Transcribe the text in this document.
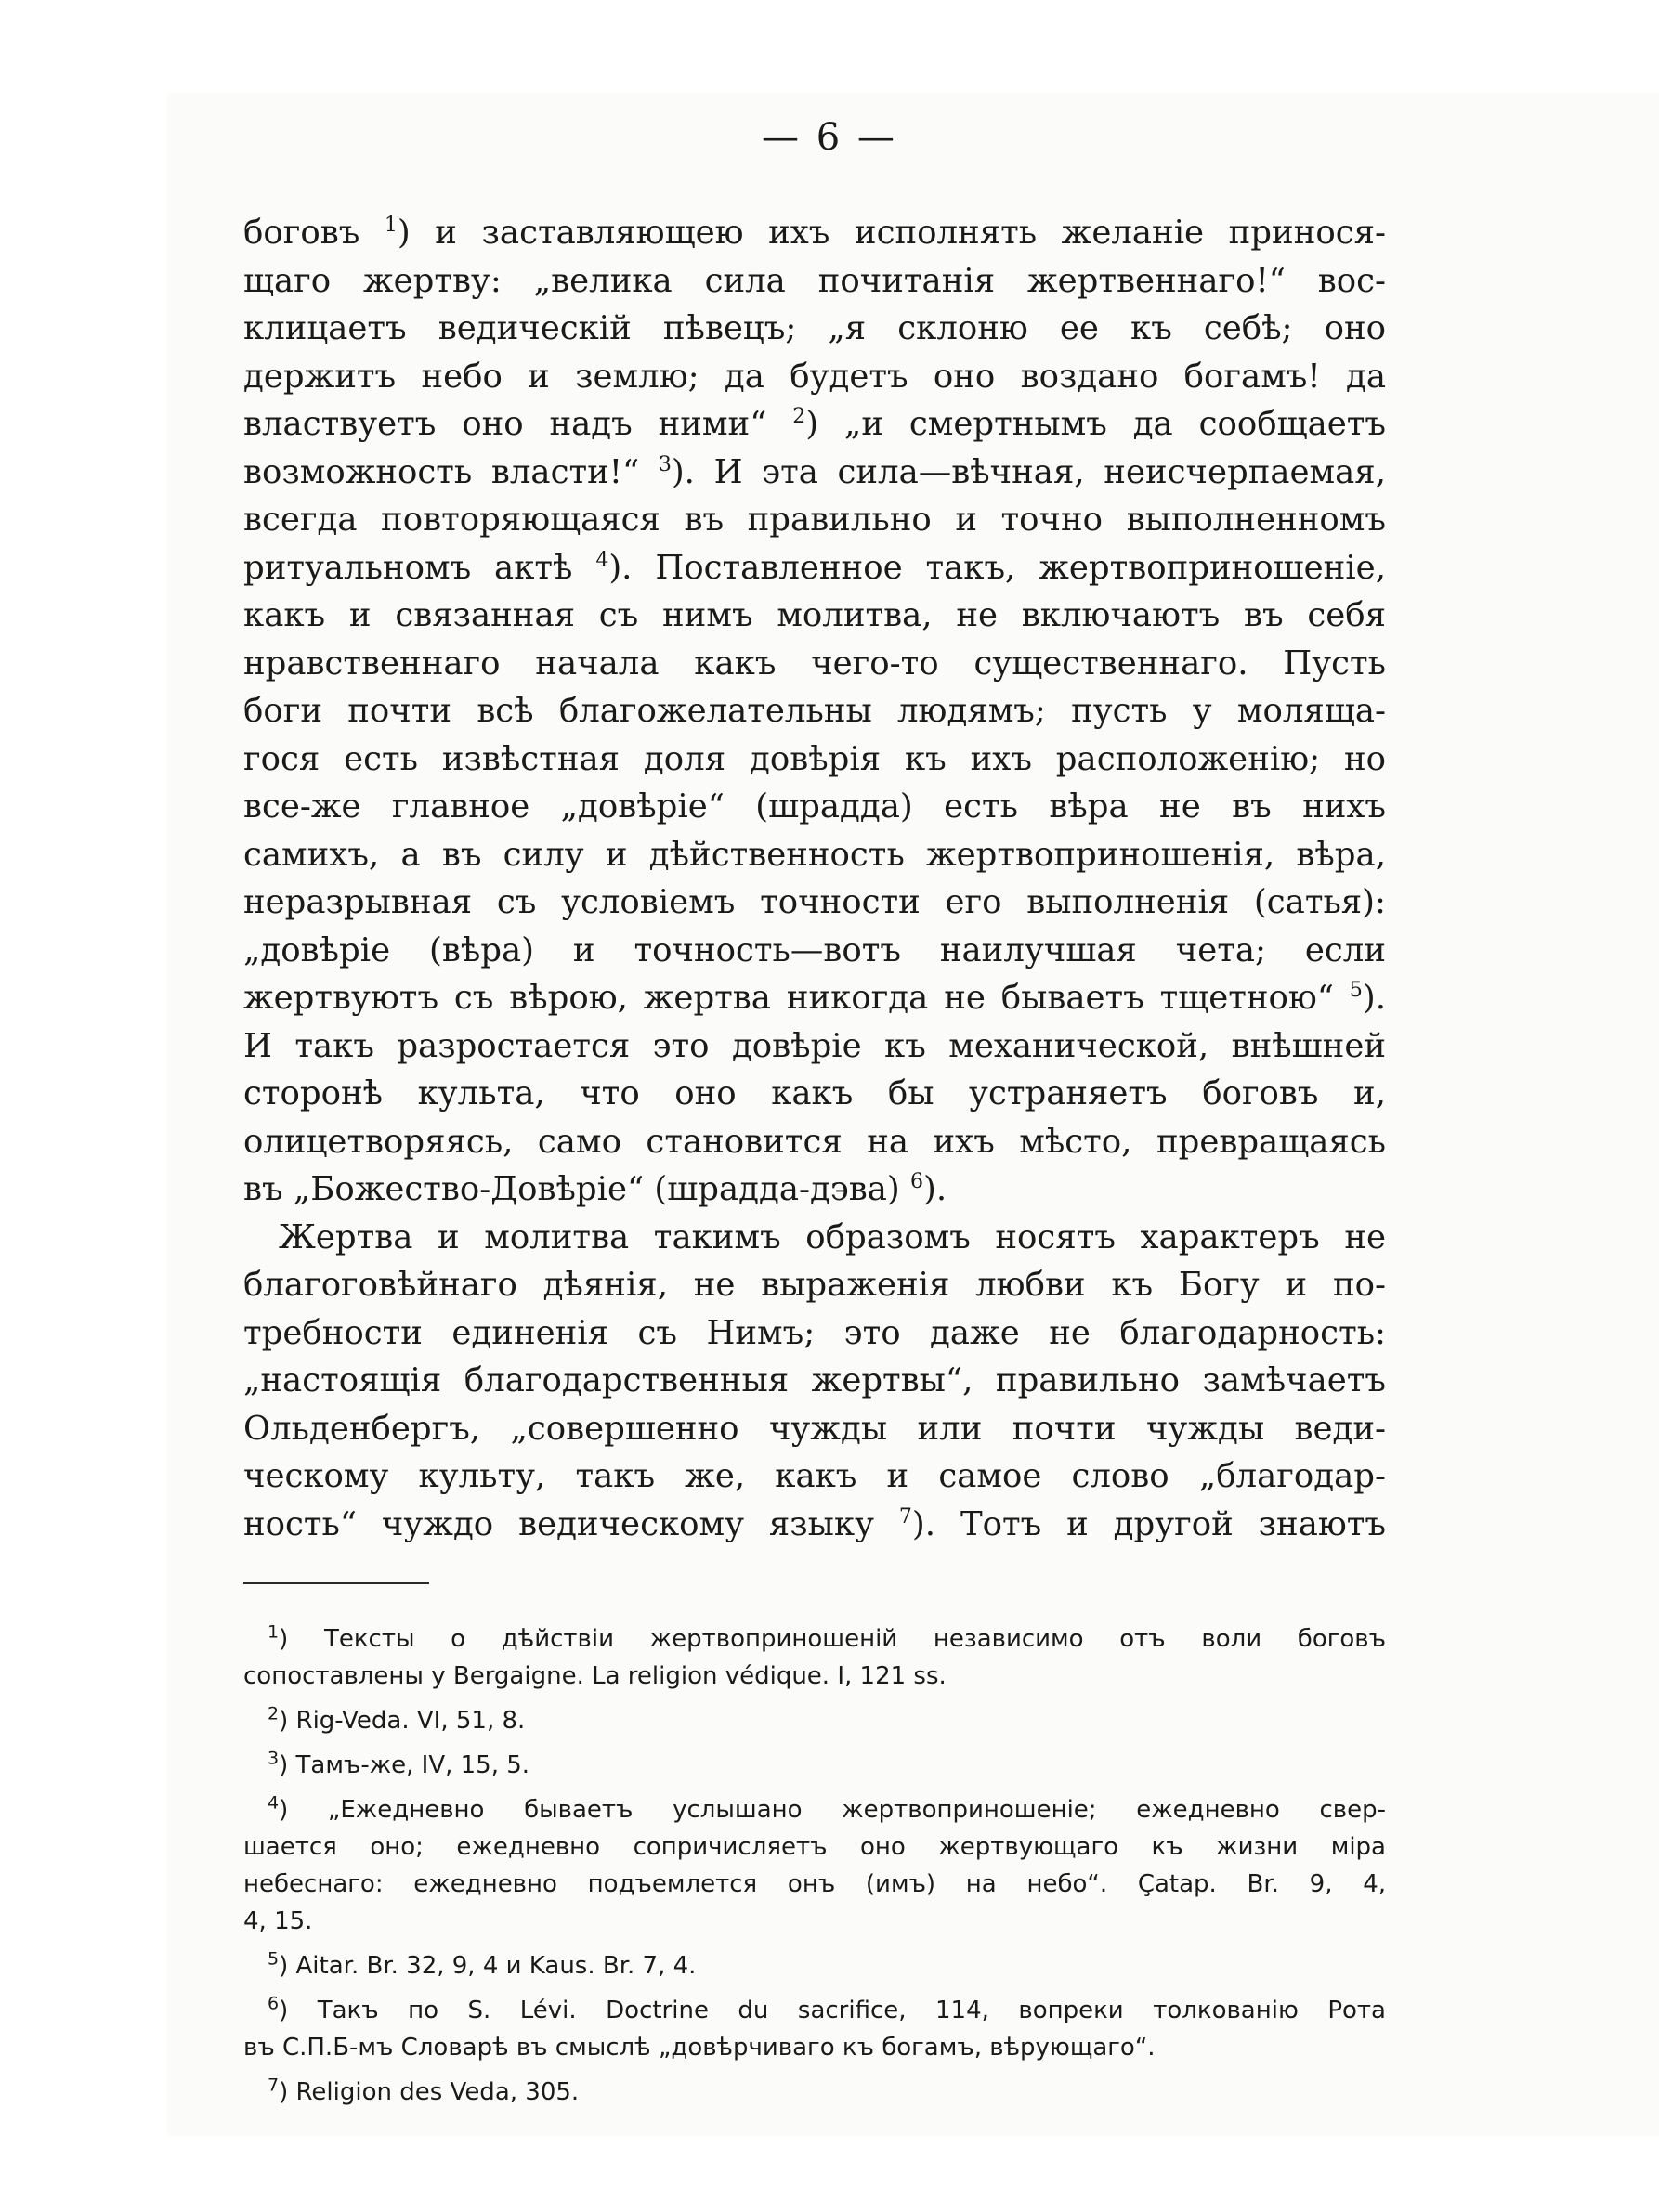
— 6 —
боговъ $^1$) и заставляющею ихъ исполнять желаніе принося-
щаго жертву: „велика сила почитанія жертвеннаго!“ вос-
клицаетъ ведическій пѣвецъ; „я склоню ее къ себѣ; оно
держитъ небо и землю; да будетъ оно воздано богамъ! да
властвуетъ оно надъ ними“ $^2$) „и смертнымъ да сообщаетъ
возможность власти!“ $^3$). И эта сила—вѣчная, неисчерпаемая,
всегда повторяющаяся въ правильно и точно выполненномъ
ритуальномъ актѣ $^4$). Поставленное такъ, жертвоприношеніе,
какъ и связанная съ нимъ молитва, не включаютъ въ себя
нравственнаго начала какъ чего-то существеннаго. Пусть
боги почти всѣ благожелательны людямъ; пусть у моляща-
гося есть извѣстная доля довѣрія къ ихъ расположенію; но
все-же главное „довѣріе“ (шрадда) есть вѣра не въ нихъ
самихъ, а въ силу и дѣйственность жертвоприношенія, вѣра,
неразрывная съ условіемъ точности его выполненія (сатья):
„довѣріе (вѣра) и точность—вотъ наилучшая чета; если
жертвуютъ съ вѣрою, жертва никогда не бываетъ тщетною“ $^5$).
И такъ разростается это довѣріе къ механической, внѣшней
сторонѣ культа, что оно какъ бы устраняетъ боговъ и,
олицетворяясь, само становится на ихъ мѣсто, превращаясь
въ „Божество-Довѣріе“ (шрадда-дэва) $^6$).
Жертва и молитва такимъ образомъ носятъ характеръ не
благоговѣйнаго дѣянія, не выраженія любви къ Богу и по-
требности единенія съ Нимъ; это даже не благодарность:
„настоящія благодарственныя жертвы“, правильно замѣчаетъ
Ольденбергъ, „совершенно чужды или почти чужды веди-
ческому культу, такъ же, какъ и самое слово „благодар-
ность“ чуждо ведическому языку $^7$). Тотъ и другой знаютъ
$^1$) Тексты о дѣйствіи жертвоприношеній независимо отъ воли боговъ
сопоставлены у Bergaigne. La religion védique. I, 121 ss.
$^2$) Rig-Veda. VI, 51, 8.
$^3$) Тамъ-же, IV, 15, 5.
$^4$) „Ежедневно бываетъ услышано жертвоприношеніе; ежедневно свер-
шается оно; ежедневно сопричисляетъ оно жертвующаго къ жизни міра
небеснаго: ежедневно подъемлется онъ (имъ) на небо“. Çatap. Br. 9, 4,
4, 15.
$^5$) Aitar. Br. 32, 9, 4 и Kaus. Br. 7, 4.
$^6$) Такъ по S. Lévi. Doctrine du sacrifice, 114, вопреки толкованію Рота
въ С.П.Б-мъ Словарѣ въ смыслѣ „довѣрчиваго къ богамъ, вѣрующаго“.
$^7$) Religion des Veda, 305.
